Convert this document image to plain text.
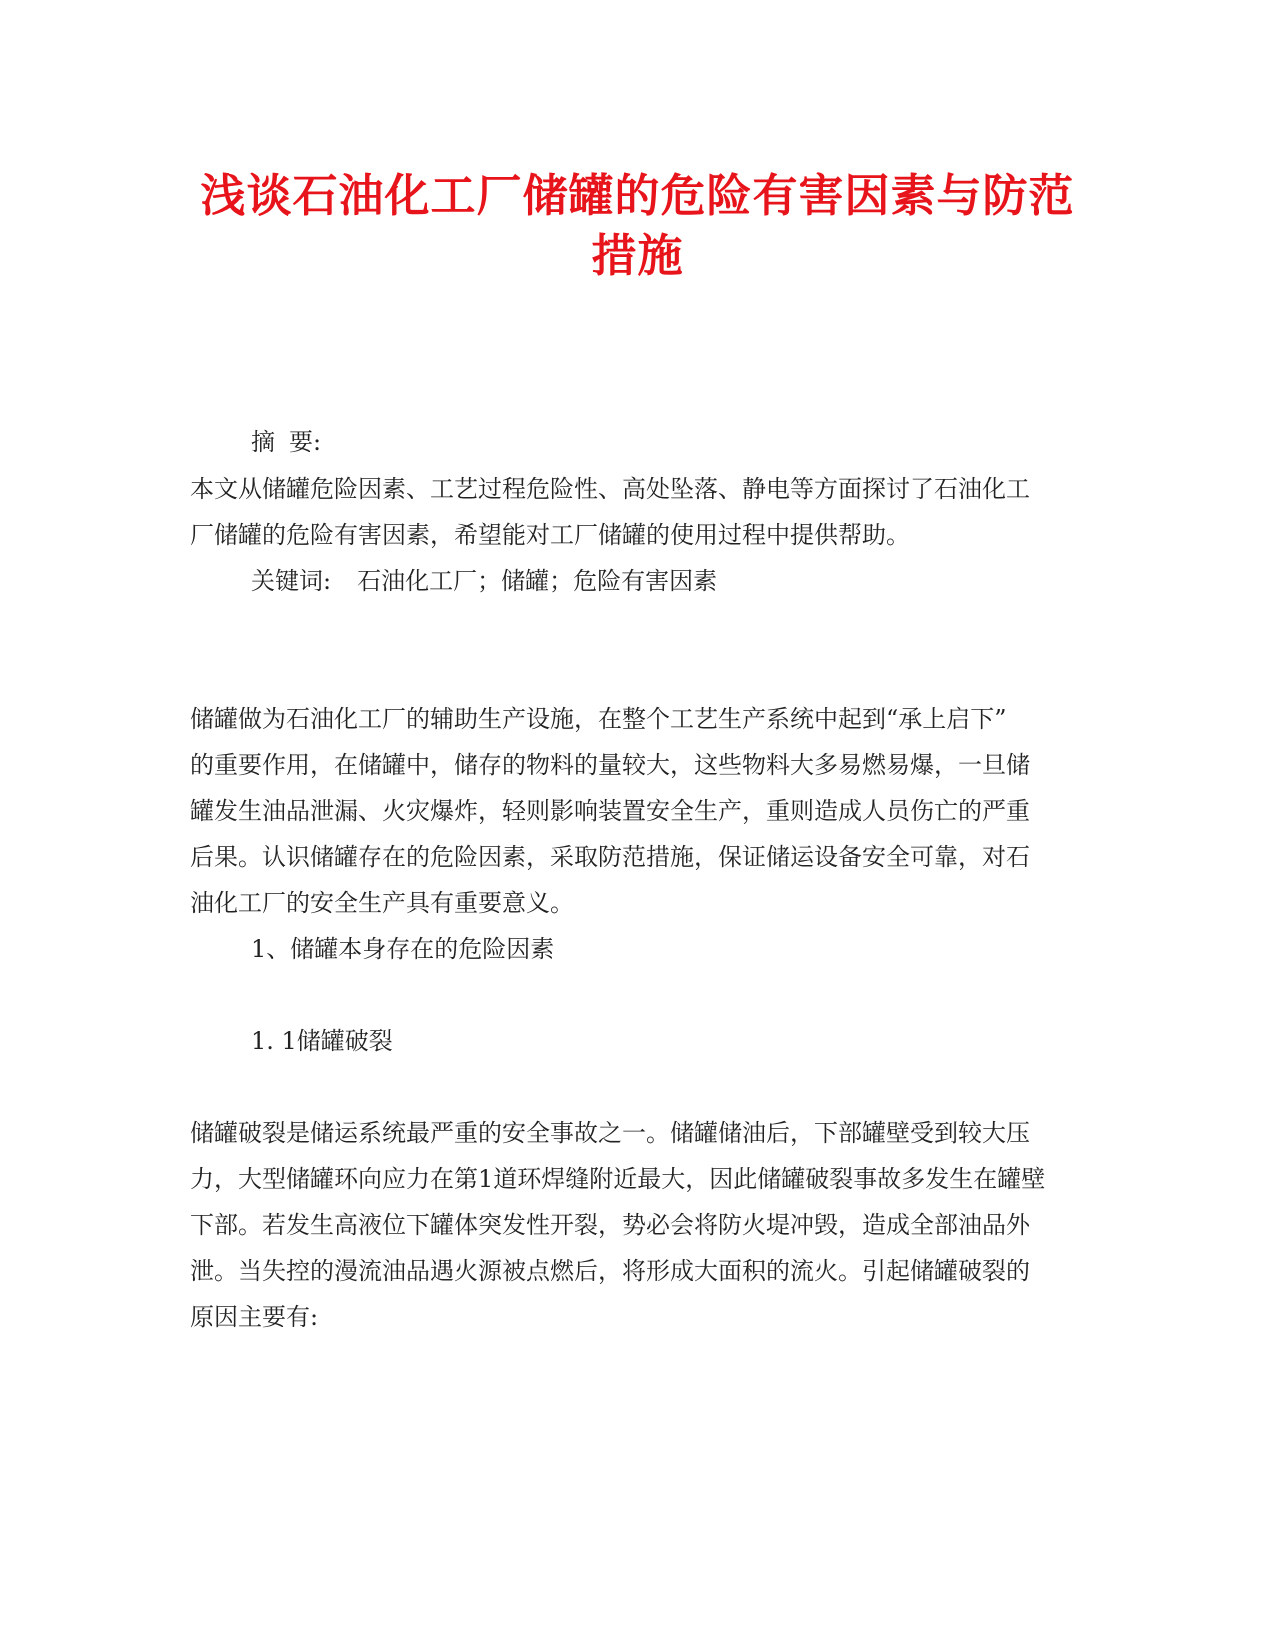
浅谈石油化工厂储罐的危险有害因素与防范
措施
摘 要:
本文从储罐危险因素、工艺过程危险性、高处坠落、静电等方面探讨了石油化工
厂储罐的危险有害因素，希望能对工厂储罐的使用过程中提供帮助。
关键词: 石油化工厂；储罐；危险有害因素
储罐做为石油化工厂的辅助生产设施，在整个工艺生产系统中起到“承上启下”
的重要作用，在储罐中，储存的物料的量较大，这些物料大多易燃易爆，一旦储
罐发生油品泄漏、火灾爆炸，轻则影响装置安全生产，重则造成人员伤亡的严重
后果。认识储罐存在的危险因素，采取防范措施，保证储运设备安全可靠，对石
油化工厂的安全生产具有重要意义。
1、储罐本身存在的危险因素
1. 1储罐破裂
储罐破裂是储运系统最严重的安全事故之一。储罐储油后，下部罐壁受到较大压
力，大型储罐环向应力在第1道环焊缝附近最大，因此储罐破裂事故多发生在罐壁
下部。若发生高液位下罐体突发性开裂，势必会将防火堤冲毁，造成全部油品外
泄。当失控的漫流油品遇火源被点燃后，将形成大面积的流火。引起储罐破裂的
原因主要有:
